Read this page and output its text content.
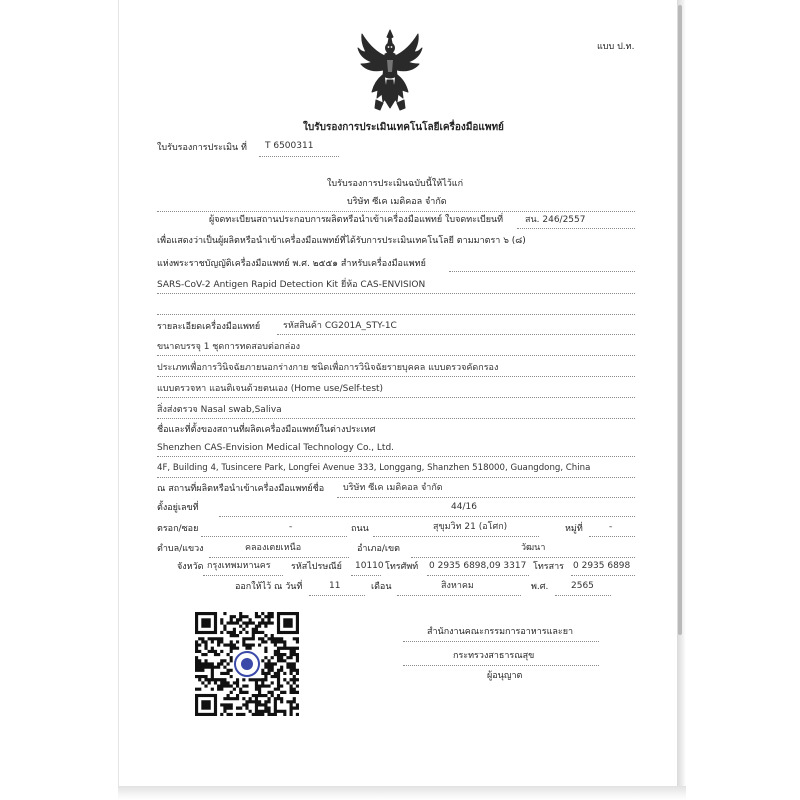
แบบ ป.ท.
ใบรับรองการประเมินเทคโนโลยีเครื่องมือแพทย์
ใบรับรองการประเมิน ที่ T 6500311
ใบรับรองการประเมินฉบับนี้ให้ไว้แก่
บริษัท ซีเค เมดิคอล จำกัด
ผู้จดทะเบียนสถานประกอบการผลิตหรือนำเข้าเครื่องมือแพทย์ ใบจดทะเบียนที่ สน. 246/2557
เพื่อแสดงว่าเป็นผู้ผลิตหรือนำเข้าเครื่องมือแพทย์ที่ได้รับการประเมินเทคโนโลยี ตามมาตรา ๖ (๘)
แห่งพระราชบัญญัติเครื่องมือแพทย์ พ.ศ. ๒๕๕๑ สำหรับเครื่องมือแพทย์
SARS-CoV-2 Antigen Rapid Detection Kit ยี่ห้อ CAS-ENVISION
รายละเอียดเครื่องมือแพทย์	รหัสสินค้า CG201A_STY-1C
ขนาดบรรจุ 1 ชุดการทดสอบต่อกล่อง
ประเภทเพื่อการวินิจฉัยภายนอกร่างกาย ชนิดเพื่อการวินิจฉัยรายบุคคล แบบตรวจคัดกรอง
แบบตรวจหา แอนติเจนด้วยตนเอง (Home use/Self-test)
สิ่งส่งตรวจ Nasal swab,Saliva
ชื่อและที่ตั้งของสถานที่ผลิตเครื่องมือแพทย์ในต่างประเทศ
Shenzhen CAS-Envision Medical Technology Co., Ltd.
4F, Building 4, Tusincere Park, Longfei Avenue 333, Longgang, Shanzhen 518000, Guangdong, China
ณ สถานที่ผลิตหรือนำเข้าเครื่องมือแพทย์ชื่อ บริษัท ซีเค เมดิคอล จำกัด
ตั้งอยู่เลขที่	44/16
ตรอก/ซอย	-	ถนน	สุขุมวิท 21 (อโศก)	หมู่ที่	-
ตำบล/แขวง	คลองเตยเหนือ	อำเภอ/เขต	วัฒนา
จังหวัด กรุงเทพมหานคร รหัสไปรษณีย์ 10110 โทรศัพท์ 0 2935 6898,09 3317 โทรสาร 0 2935 6898
ออกให้ไว้ ณ วันที่	11	เดือน	สิงหาคม	พ.ศ.	2565
สำนักงานคณะกรรมการอาหารและยา
กระทรวงสาธารณสุข
ผู้อนุญาต
